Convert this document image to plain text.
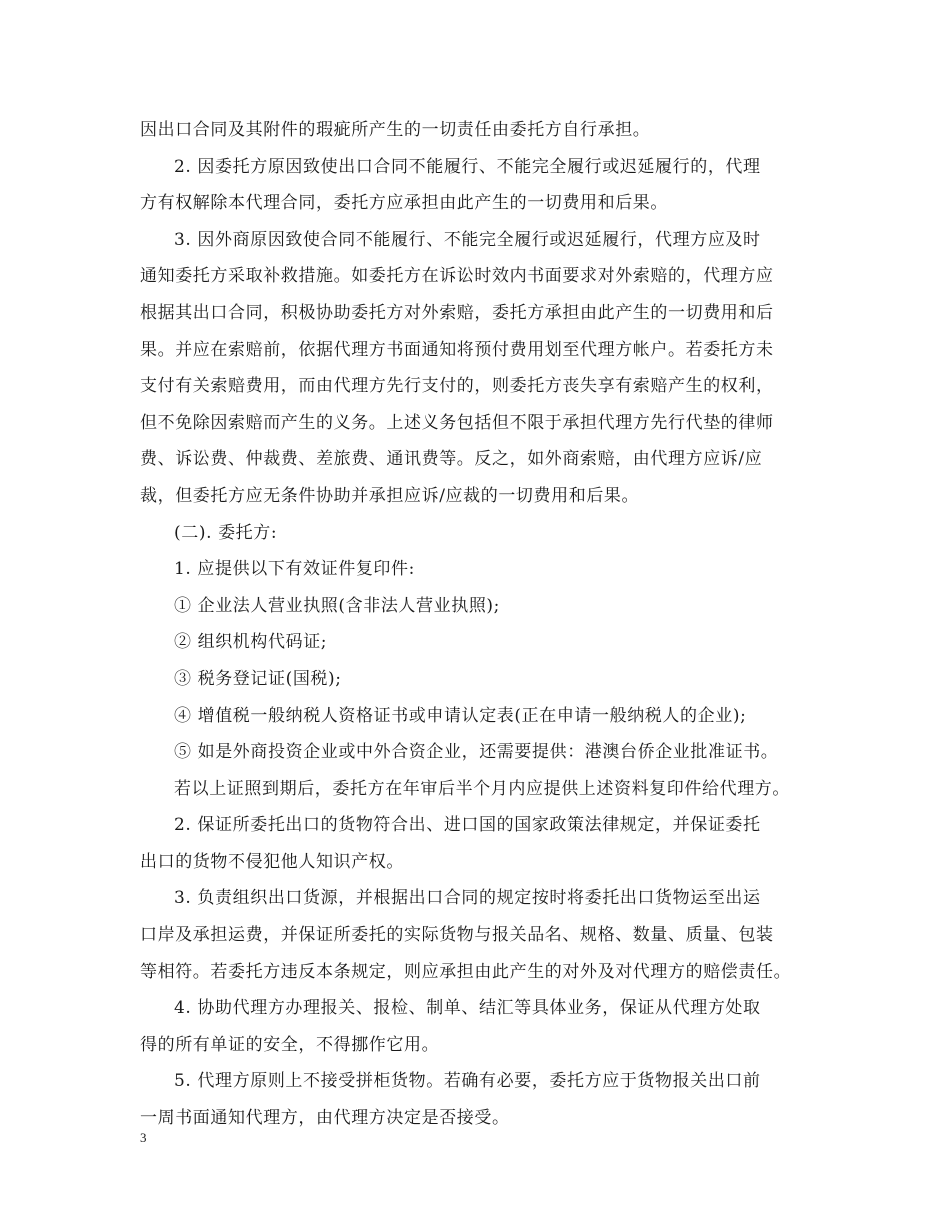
因出口合同及其附件的瑕疵所产生的一切责任由委托方自行承担。
2. 因委托方原因致使出口合同不能履行、不能完全履行或迟延履行的，代理
方有权解除本代理合同，委托方应承担由此产生的一切费用和后果。
3. 因外商原因致使合同不能履行、不能完全履行或迟延履行，代理方应及时
通知委托方采取补救措施。如委托方在诉讼时效内书面要求对外索赔的，代理方应
根据其出口合同，积极协助委托方对外索赔，委托方承担由此产生的一切费用和后
果。并应在索赔前，依据代理方书面通知将预付费用划至代理方帐户。若委托方未
支付有关索赔费用，而由代理方先行支付的，则委托方丧失享有索赔产生的权利，
但不免除因索赔而产生的义务。上述义务包括但不限于承担代理方先行代垫的律师
费、诉讼费、仲裁费、差旅费、通讯费等。反之，如外商索赔，由代理方应诉/应
裁，但委托方应无条件协助并承担应诉/应裁的一切费用和后果。
(二). 委托方:
1. 应提供以下有效证件复印件:
① 企业法人营业执照(含非法人营业执照);
② 组织机构代码证;
③ 税务登记证(国税);
④ 增值税一般纳税人资格证书或申请认定表(正在申请一般纳税人的企业);
⑤ 如是外商投资企业或中外合资企业，还需要提供：港澳台侨企业批准证书。
若以上证照到期后，委托方在年审后半个月内应提供上述资料复印件给代理方。
2. 保证所委托出口的货物符合出、进口国的国家政策法律规定，并保证委托
出口的货物不侵犯他人知识产权。
3. 负责组织出口货源，并根据出口合同的规定按时将委托出口货物运至出运
口岸及承担运费，并保证所委托的实际货物与报关品名、规格、数量、质量、包装
等相符。若委托方违反本条规定，则应承担由此产生的对外及对代理方的赔偿责任。
4. 协助代理方办理报关、报检、制单、结汇等具体业务，保证从代理方处取
得的所有单证的安全，不得挪作它用。
5. 代理方原则上不接受拼柜货物。若确有必要，委托方应于货物报关出口前
一周书面通知代理方，由代理方决定是否接受。
3
